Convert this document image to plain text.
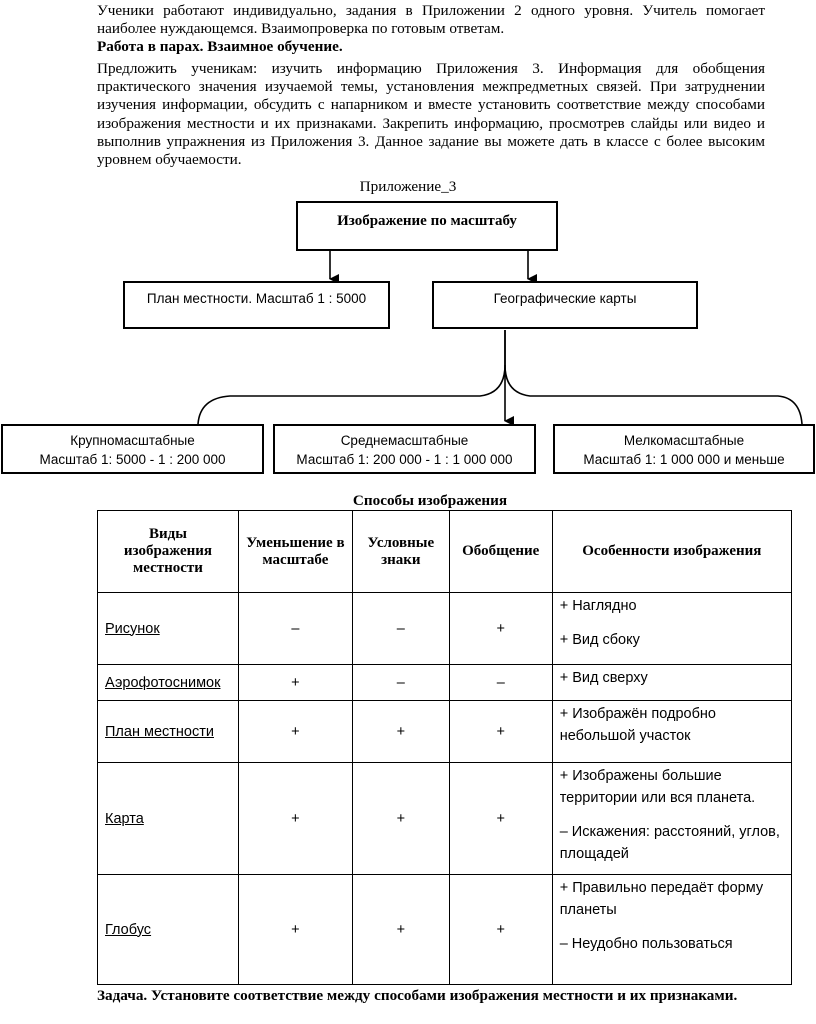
Ученики работают индивидуально, задания в Приложении 2 одного уровня. Учитель помогает наиболее нуждающемся. Взаимопроверка по готовым ответам.
Работа в парах. Взаимное обучение.
Предложить ученикам: изучить информацию Приложения 3. Информация для обобщения практического значения изучаемой темы, установления межпредметных связей. При затруднении изучения информации, обсудить с напарником и вместе установить соответствие между способами изображения местности и их признаками. Закрепить информацию, просмотрев слайды или видео и выполнив упражнения из Приложения 3. Данное задание вы можете дать в классе с более высоким уровнем обучаемости.
Приложение_3
Изображение по масштабу
План местности. Масштаб 1 : 5000	Географические карты
Крупномасштабные
Масштаб 1: 5000 - 1 : 200 000
Среднемасштабные
Масштаб 1: 200 000 - 1 : 1 000 000
Мелкомасштабные
Масштаб 1: 1 000 000 и меньше
Способы изображения
Виды изображения местности	Уменьшение в масштабе	Условные знаки	Обобщение	Особенности изображения
Рисунок	–	–	+	+ Наглядно

+ Вид сбоку

Аэрофотоснимок	+	–	–	+ Вид сверху

План местности	+	+	+	+ Изображён подробно небольшой участок

Карта	+	+	+	+ Изображены большие территории или вся планета.

– Искажения: расстояний, углов, площадей

Глобус	+	+	+	+ Правильно передаёт форму планеты

– Неудобно пользоваться

Задача. Установите соответствие между способами изображения местности и их признаками.
